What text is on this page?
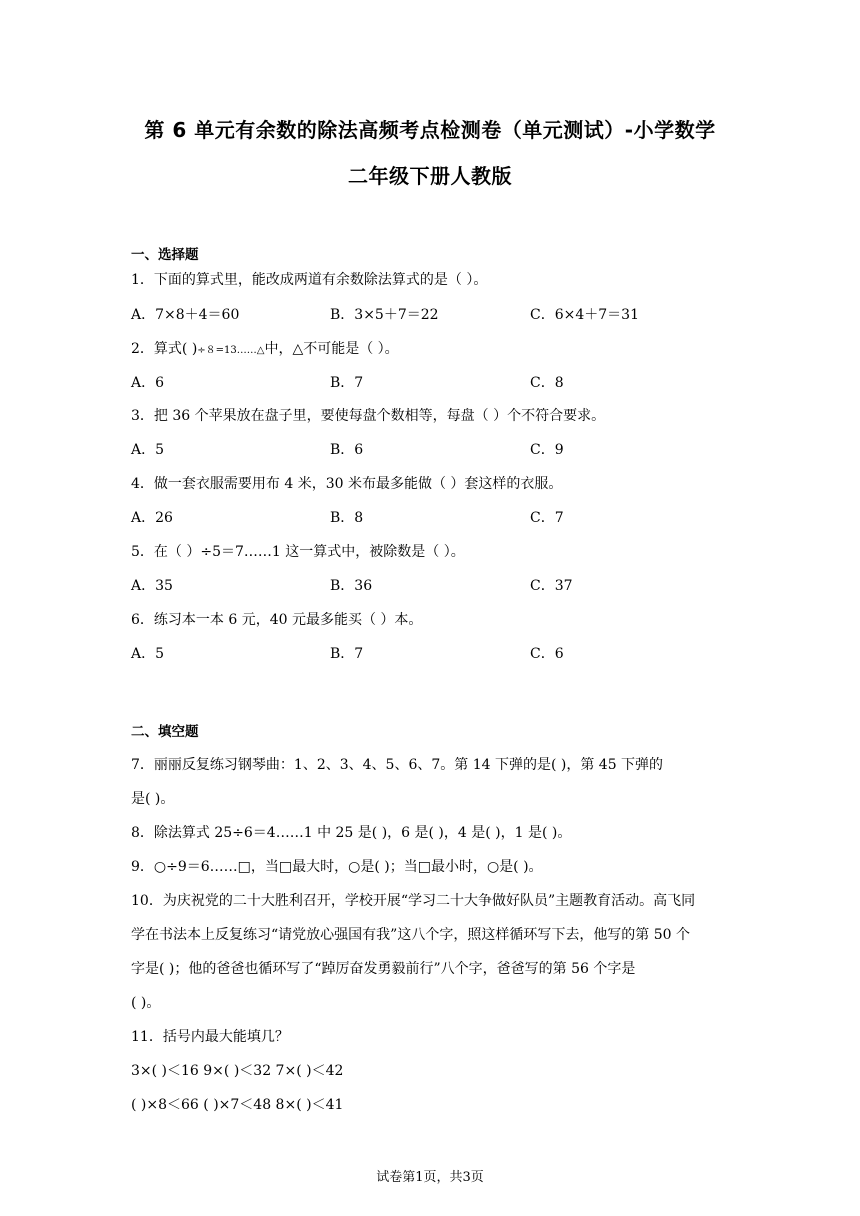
第 6 单元有余数的除法高频考点检测卷（单元测试）-小学数学
二年级下册人教版
一、选择题
1．下面的算式里，能改成两道有余数除法算式的是（ ）。
A．7×8＋4＝60	B．3×5＋7＝22	C．6×4＋7＝31
2．算式( )÷８=13……△中，△不可能是（ ）。
A．6	B．7	C．8
3．把 36 个苹果放在盘子里，要使每盘个数相等，每盘（ ）个不符合要求。
A．5	B．6	C．9
4．做一套衣服需要用布 4 米，30 米布最多能做（ ）套这样的衣服。
A．26	B．8	C．7
5．在（ ）÷5＝7……1 这一算式中，被除数是（ ）。
A．35	B．36	C．37
6．练习本一本 6 元，40 元最多能买（ ）本。
A．5	B．7	C．6
二、填空题
7．丽丽反复练习钢琴曲：1、2、3、4、5、6、7。第 14 下弹的是( )，第 45 下弹的
是( )。
8．除法算式 25÷6＝4……1 中 25 是( )，6 是( )，4 是( )，1 是( )。
9．○÷9＝6……□，当□最大时，○是( )；当□最小时，○是( )。
10．为庆祝党的二十大胜利召开，学校开展“学习二十大争做好队员”主题教育活动。高飞同
学在书法本上反复练习“请党放心强国有我”这八个字，照这样循环写下去，他写的第 50 个
字是( )；他的爸爸也循环写了“踔厉奋发勇毅前行”八个字，爸爸写的第 56 个字是
( )。
11．括号内最大能填几？
3×( )＜16 9×( )＜32 7×( )＜42
( )×8＜66 ( )×7＜48 8×( )＜41
试卷第1页，共3页
